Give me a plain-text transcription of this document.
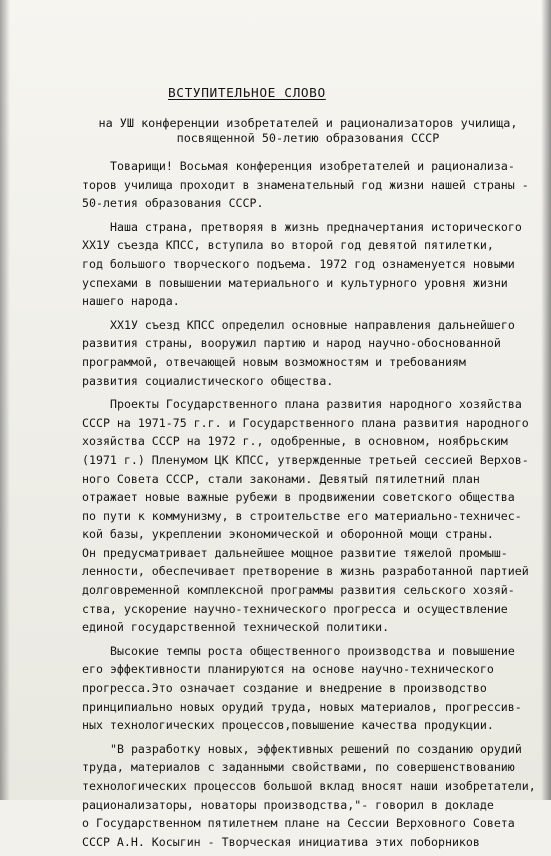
ВСТУПИТЕЛЬНОЕ СЛОВО
на УШ конференции изобретателей и рационализаторов училища,
посвященной 50-летию образования СССР
Товарищи! Восьмая конференция изобретателей и рационализа-
торов училища проходит в знаменательный год жизни нашей страны -
50-летия образования СССР.
Наша страна, претворяя в жизнь предначертания исторического
ХХ1У съезда КПСС, вступила во второй год девятой пятилетки,
год большого творческого подъема. 1972 год ознаменуется новыми
успехами в повышении материального и культурного уровня жизни
нашего народа.
ХХ1У съезд КПСС определил основные направления дальнейшего
развития страны, вооружил партию и народ научно-обоснованной
программой, отвечающей новым возможностям и требованиям
развития социалистического общества.
Проекты Государственного плана развития народного хозяйства
СССР на 1971-75 г.г. и Государственного плана развития народного
хозяйства СССР на 1972 г., одобренные, в основном, ноябрьским
(1971 г.) Пленумом ЦК КПСС, утвержденные третьей сессией Верхов-
ного Совета СССР, стали законами. Девятый пятилетний план
отражает новые важные рубежи в продвижении советского общества
по пути к коммунизму, в строительстве его материально-техничес-
кой базы, укреплении экономической и оборонной мощи страны.
Он предусматривает дальнейшее мощное развитие тяжелой промыш-
ленности, обеспечивает претворение в жизнь разработанной партией
долговременной комплексной программы развития сельского хозяй-
ства, ускорение научно-технического прогресса и осуществление
единой государственной технической политики.
Высокие темпы роста общественного производства и повышение
его эффективности планируются на основе научно-технического
прогресса.Это означает создание и внедрение в производство
принципиально новых орудий труда, новых материалов, прогрессив-
ных технологических процессов,повышение качества продукции.
"В разработку новых, эффективных решений по созданию орудий
труда, материалов с заданными свойствами, по совершенствованию
технологических процессов большой вклад вносят наши изобретатели,
рационализаторы, новаторы производства,"- говорил в докладе
о Государственном пятилетнем плане на Сессии Верховного Совета
СССР А.Н. Косыгин - Творческая инициатива этих поборников
